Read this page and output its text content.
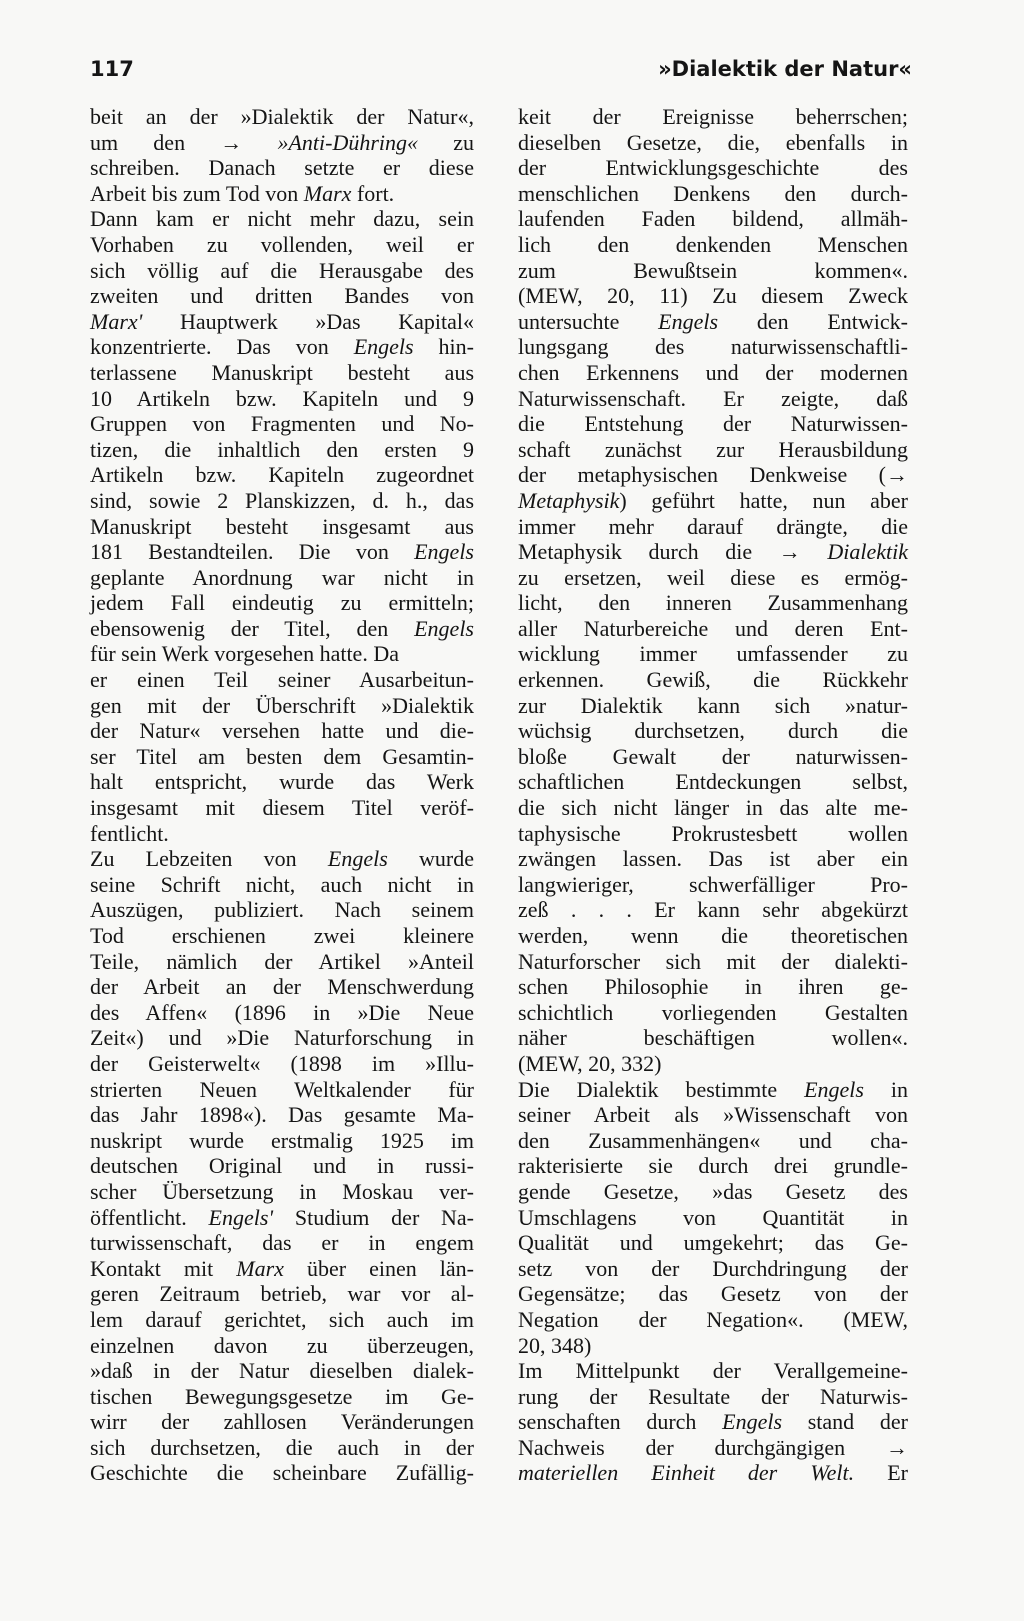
117	»Dialektik der Natur«
beit an der »Dialektik der Natur«,
um den → »Anti-Dühring« zu
schreiben. Danach setzte er diese
Arbeit bis zum Tod von Marx fort.
Dann kam er nicht mehr dazu, sein
Vorhaben zu vollenden, weil er
sich völlig auf die Herausgabe des
zweiten und dritten Bandes von
Marx' Hauptwerk »Das Kapital«
konzentrierte. Das von Engels hin-
terlassene Manuskript besteht aus
10 Artikeln bzw. Kapiteln und 9
Gruppen von Fragmenten und No-
tizen, die inhaltlich den ersten 9
Artikeln bzw. Kapiteln zugeordnet
sind, sowie 2 Planskizzen, d. h., das
Manuskript besteht insgesamt aus
181 Bestandteilen. Die von Engels
geplante Anordnung war nicht in
jedem Fall eindeutig zu ermitteln;
ebensowenig der Titel, den Engels
für sein Werk vorgesehen hatte. Da
er einen Teil seiner Ausarbeitun-
gen mit der Überschrift »Dialektik
der Natur« versehen hatte und die-
ser Titel am besten dem Gesamtin-
halt entspricht, wurde das Werk
insgesamt mit diesem Titel veröf-
fentlicht.
Zu Lebzeiten von Engels wurde
seine Schrift nicht, auch nicht in
Auszügen, publiziert. Nach seinem
Tod erschienen zwei kleinere
Teile, nämlich der Artikel »Anteil
der Arbeit an der Menschwerdung
des Affen« (1896 in »Die Neue
Zeit«) und »Die Naturforschung in
der Geisterwelt« (1898 im »Illu-
strierten Neuen Weltkalender für
das Jahr 1898«). Das gesamte Ma-
nuskript wurde erstmalig 1925 im
deutschen Original und in russi-
scher Übersetzung in Moskau ver-
öffentlicht. Engels' Studium der Na-
turwissenschaft, das er in engem
Kontakt mit Marx über einen län-
geren Zeitraum betrieb, war vor al-
lem darauf gerichtet, sich auch im
einzelnen davon zu überzeugen,
»daß in der Natur dieselben dialek-
tischen Bewegungsgesetze im Ge-
wirr der zahllosen Veränderungen
sich durchsetzen, die auch in der
Geschichte die scheinbare Zufällig-
keit der Ereignisse beherrschen;
dieselben Gesetze, die, ebenfalls in
der Entwicklungsgeschichte des
menschlichen Denkens den durch-
laufenden Faden bildend, allmäh-
lich den denkenden Menschen
zum Bewußtsein kommen«.
(MEW, 20, 11) Zu diesem Zweck
untersuchte Engels den Entwick-
lungsgang des naturwissenschaftli-
chen Erkennens und der modernen
Naturwissenschaft. Er zeigte, daß
die Entstehung der Naturwissen-
schaft zunächst zur Herausbildung
der metaphysischen Denkweise (→
Metaphysik) geführt hatte, nun aber
immer mehr darauf drängte, die
Metaphysik durch die → Dialektik
zu ersetzen, weil diese es ermög-
licht, den inneren Zusammenhang
aller Naturbereiche und deren Ent-
wicklung immer umfassender zu
erkennen. Gewiß, die Rückkehr
zur Dialektik kann sich »natur-
wüchsig durchsetzen, durch die
bloße Gewalt der naturwissen-
schaftlichen Entdeckungen selbst,
die sich nicht länger in das alte me-
taphysische Prokrustesbett wollen
zwängen lassen. Das ist aber ein
langwieriger, schwerfälliger Pro-
zeß . . . Er kann sehr abgekürzt
werden, wenn die theoretischen
Naturforscher sich mit der dialekti-
schen Philosophie in ihren ge-
schichtlich vorliegenden Gestalten
näher beschäftigen wollen«.
(MEW, 20, 332)
Die Dialektik bestimmte Engels in
seiner Arbeit als »Wissenschaft von
den Zusammenhängen« und cha-
rakterisierte sie durch drei grundle-
gende Gesetze, »das Gesetz des
Umschlagens von Quantität in
Qualität und umgekehrt; das Ge-
setz von der Durchdringung der
Gegensätze; das Gesetz von der
Negation der Negation«. (MEW,
20, 348)
Im Mittelpunkt der Verallgemeine-
rung der Resultate der Naturwis-
senschaften durch Engels stand der
Nachweis der durchgängigen →
materiellen Einheit der Welt. Er
